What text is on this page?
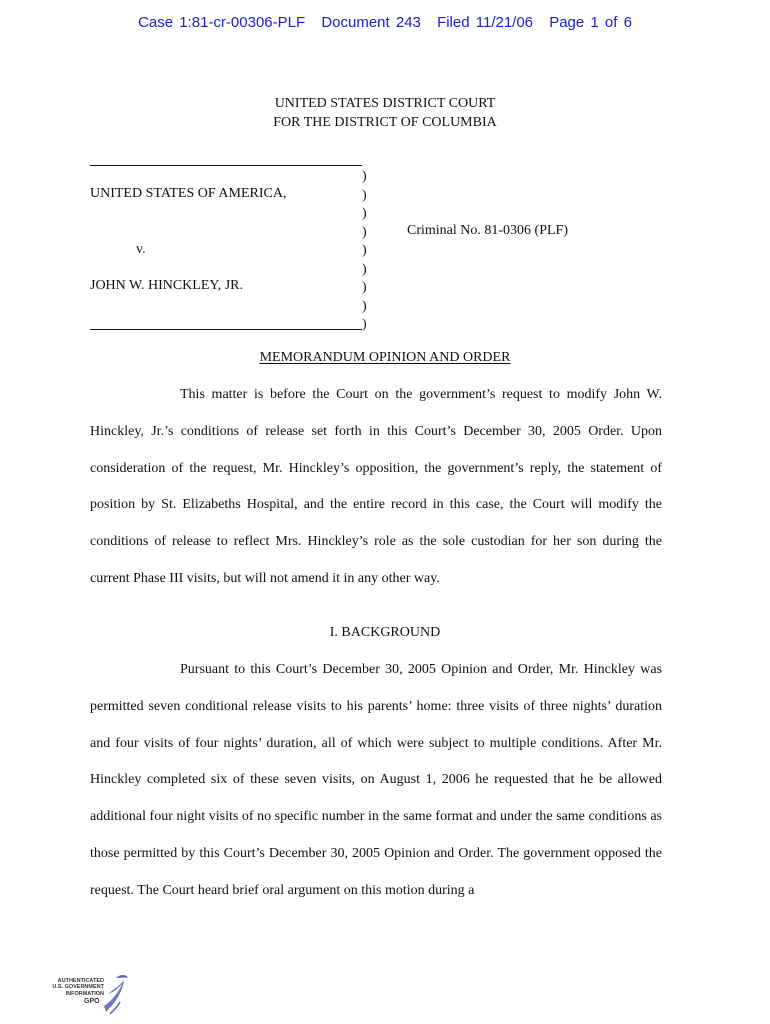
Case 1:81-cr-00306-PLF Document 243 Filed 11/21/06 Page 1 of 6
UNITED STATES DISTRICT COURT
FOR THE DISTRICT OF COLUMBIA
)
)
)
)
)
)
)
)
)
UNITED STATES OF AMERICA,
v.
JOHN W. HINCKLEY, JR.
Criminal No. 81-0306 (PLF)
MEMORANDUM OPINION AND ORDER

This matter is before the Court on the government’s request to modify John W. Hinckley, Jr.’s conditions of release set forth in this Court’s December 30, 2005 Order. Upon consideration of the request, Mr. Hinckley’s opposition, the government’s reply, the statement of position by St. Elizabeths Hospital, and the entire record in this case, the Court will modify the conditions of release to reflect Mrs. Hinckley’s role as the sole custodian for her son during the current Phase III visits, but will not amend it in any other way.

I. BACKGROUND

Pursuant to this Court’s December 30, 2005 Opinion and Order, Mr. Hinckley was permitted seven conditional release visits to his parents’ home: three visits of three nights’ duration and four visits of four nights’ duration, all of which were subject to multiple conditions. After Mr. Hinckley completed six of these seven visits, on August 1, 2006 he requested that he be allowed additional four night visits of no specific number in the same format and under the same conditions as those permitted by this Court’s December 30, 2005 Opinion and Order. The government opposed the request. The Court heard brief oral argument on this motion during a

AUTHENTICATED
U.S. GOVERNMENT
INFORMATION
GPO
